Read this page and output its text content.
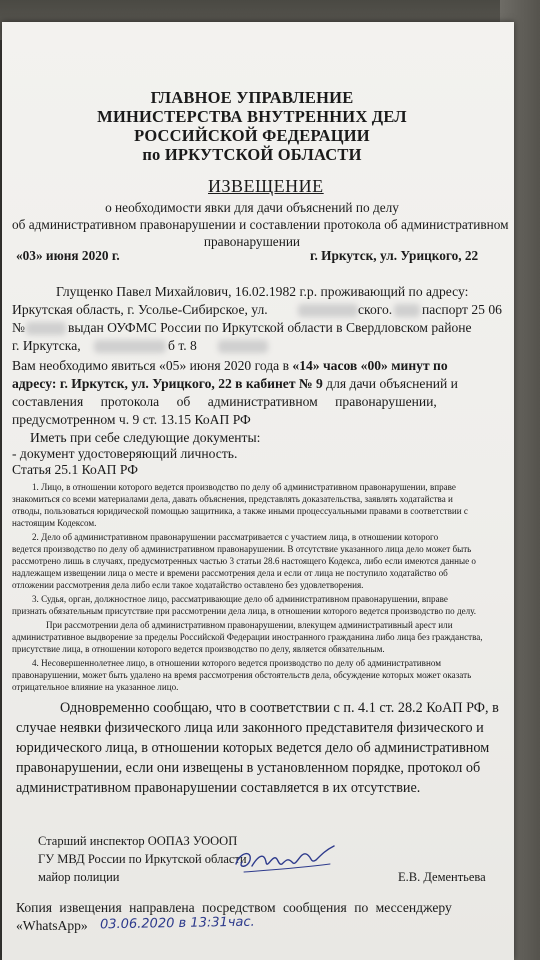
ГЛАВНОЕ УПРАВЛЕНИЕ
МИНИСТЕРСТВА ВНУТРЕННИХ ДЕЛ
РОССИЙСКОЙ ФЕДЕРАЦИИ
по ИРКУТСКОЙ ОБЛАСТИ
ИЗВЕЩЕНИЕ
о необходимости явки для дачи объяснений по делу
об административном правонарушении и составлении протокола об административном
правонарушении
«03» июня 2020 г.	г. Иркутск, ул. Урицкого, 22
Глущенко Павел Михайлович, 16.02.1982 г.р. проживающий по адресу:
Иркутская область, г. Усолье-Сибирское, ул.	ского. паспорт 25 06
№	выдан ОУФМС России по Иркутской области в Свердловском районе
г. Иркутска,	б т. 8
Вам необходимо явиться «05» июня 2020 года в «14» часов «00» минут по
адресу: г. Иркутск, ул. Урицкого, 22 в кабинет № 9 для дачи объяснений и
составления протокола об административном правонарушении,
предусмотренном ч. 9 ст. 13.15 КоАП РФ
Иметь при себе следующие документы:
- документ удостоверяющий личность.
Статья 25.1 КоАП РФ
1. Лицо, в отношении которого ведется производство по делу об административном правонарушении, вправе
знакомиться со всеми материалами дела, давать объяснения, представлять доказательства, заявлять ходатайства и
отводы, пользоваться юридической помощью защитника, а также иными процессуальными правами в соответствии с
настоящим Кодексом.
2. Дело об административном правонарушении рассматривается с участием лица, в отношении которого
ведется производство по делу об административном правонарушении. В отсутствие указанного лица дело может быть
рассмотрено лишь в случаях, предусмотренных частью 3 статьи 28.6 настоящего Кодекса, либо если имеются данные о
надлежащем извещении лица о месте и времени рассмотрения дела и если от лица не поступило ходатайство об
отложении рассмотрения дела либо если такое ходатайство оставлено без удовлетворения.
3. Судья, орган, должностное лицо, рассматривающие дело об административном правонарушении, вправе
признать обязательным присутствие при рассмотрении дела лица, в отношении которого ведется производство по делу.
При рассмотрении дела об административном правонарушении, влекущем административный арест или
административное выдворение за пределы Российской Федерации иностранного гражданина либо лица без гражданства,
присутствие лица, в отношении которого ведется производство по делу, является обязательным.
4. Несовершеннолетнее лицо, в отношении которого ведется производство по делу об административном
правонарушении, может быть удалено на время рассмотрения обстоятельств дела, обсуждение которых может оказать
отрицательное влияние на указанное лицо.
Одновременно сообщаю, что в соответствии с п. 4.1 ст. 28.2 КоАП РФ, в
случае неявки физического лица или законного представителя физического и
юридического лица, в отношении которых ведется дело об административном
правонарушении, если они извещены в установленном порядке, протокол об
административном правонарушении составляется в их отсутствие.
Старший инспектор ООПАЗ УОООП
ГУ МВД России по Иркутской области
майор полиции	Е.В. Дементьева
Копия извещения направлена посредством сообщения по мессенджеру
«WhatsApp» 03.06.2020 в 13:31час.
